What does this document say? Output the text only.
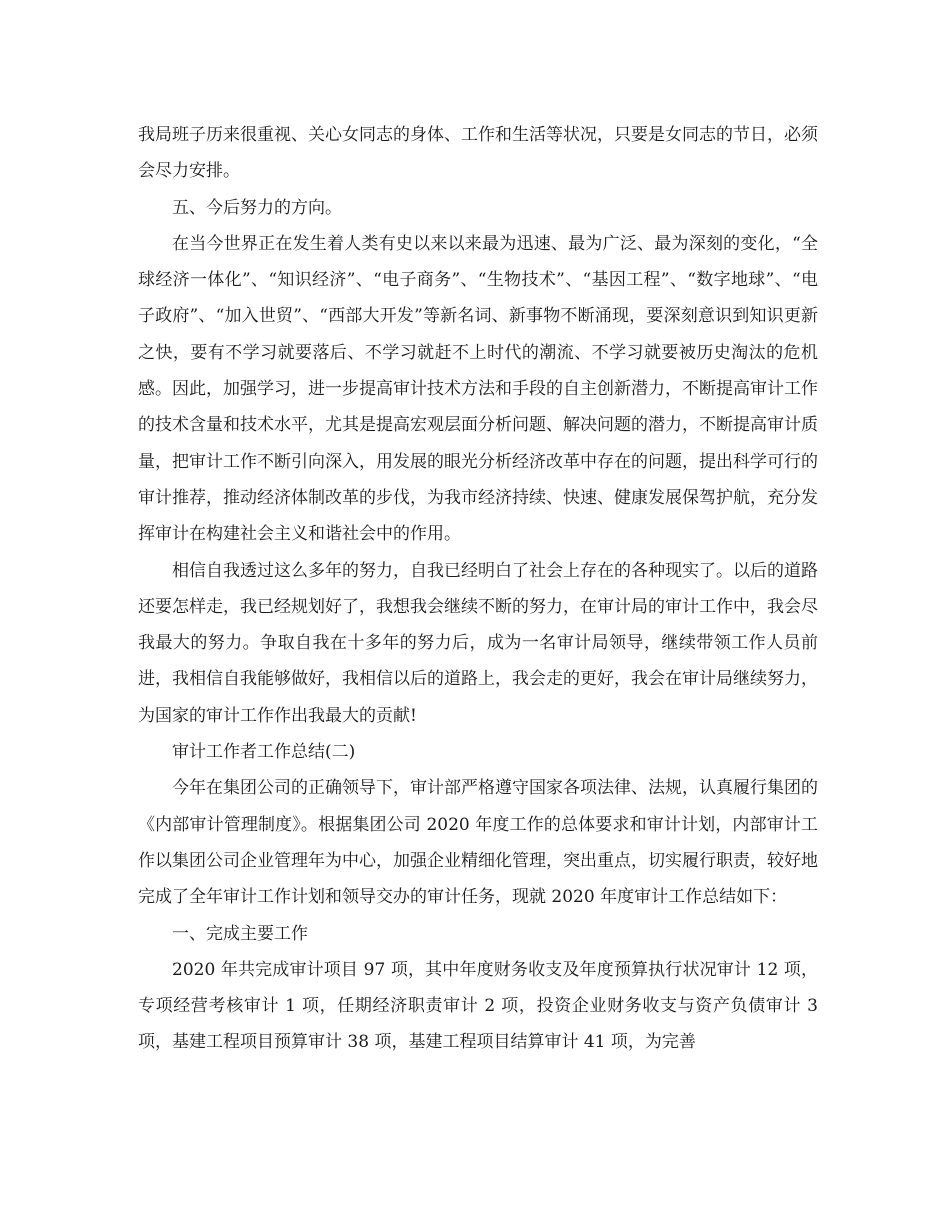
我局班子历来很重视、关心女同志的身体、工作和生活等状况，只要是女同志的节日，必须会尽力安排。

五、今后努力的方向。

在当今世界正在发生着人类有史以来以来最为迅速、最为广泛、最为深刻的变化，“全球经济一体化”、“知识经济”、“电子商务”、“生物技术”、“基因工程”、“数字地球”、“电子政府”、“加入世贸”、“西部大开发”等新名词、新事物不断涌现，要深刻意识到知识更新之快，要有不学习就要落后、不学习就赶不上时代的潮流、不学习就要被历史淘汰的危机感。因此，加强学习，进一步提高审计技术方法和手段的自主创新潜力，不断提高审计工作的技术含量和技术水平，尤其是提高宏观层面分析问题、解决问题的潜力，不断提高审计质量，把审计工作不断引向深入，用发展的眼光分析经济改革中存在的问题，提出科学可行的审计推荐，推动经济体制改革的步伐，为我市经济持续、快速、健康发展保驾护航，充分发挥审计在构建社会主义和谐社会中的作用。

相信自我透过这么多年的努力，自我已经明白了社会上存在的各种现实了。以后的道路还要怎样走，我已经规划好了，我想我会继续不断的努力，在审计局的审计工作中，我会尽我最大的努力。争取自我在十多年的努力后，成为一名审计局领导，继续带领工作人员前进，我相信自我能够做好，我相信以后的道路上，我会走的更好，我会在审计局继续努力，为国家的审计工作作出我最大的贡献!

审计工作者工作总结(二)

今年在集团公司的正确领导下，审计部严格遵守国家各项法律、法规，认真履行集团的《内部审计管理制度》。根据集团公司 2020 年度工作的总体要求和审计计划，内部审计工作以集团公司企业管理年为中心，加强企业精细化管理，突出重点，切实履行职责，较好地完成了全年审计工作计划和领导交办的审计任务，现就 2020 年度审计工作总结如下：

一、完成主要工作

2020 年共完成审计项目 97 项，其中年度财务收支及年度预算执行状况审计 12 项，专项经营考核审计 1 项，任期经济职责审计 2 项，投资企业财务收支与资产负债审计 3 项，基建工程项目预算审计 38 项，基建工程项目结算审计 41 项，为完善
